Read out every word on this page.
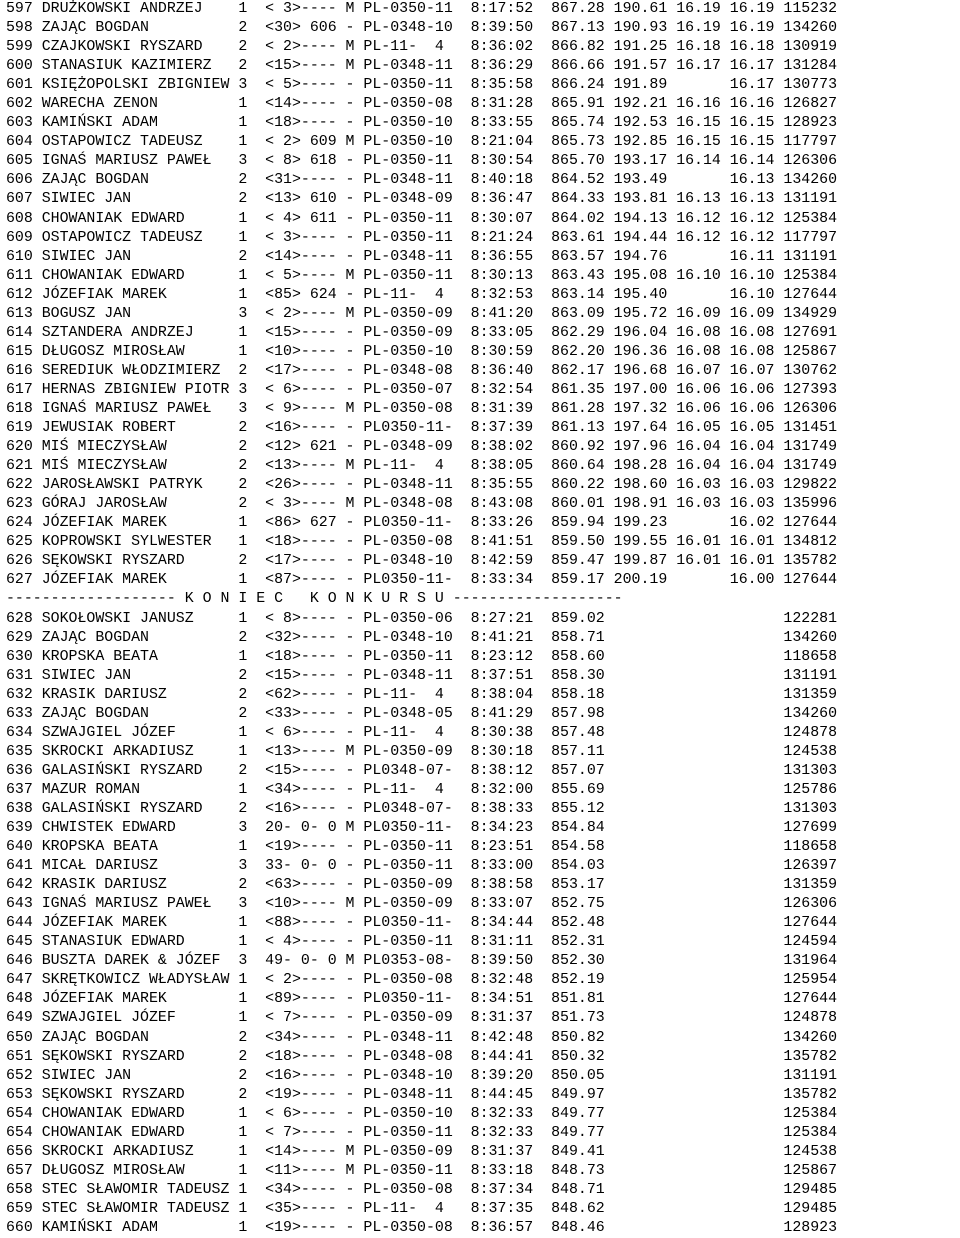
597 DRUŻKOWSKI ANDRZEJ    1  < 3>---- M PL-0350-11  8:17:52  867.28 190.61 16.19 16.19 115232
598 ZAJĄC BOGDAN          2  <30> 606 - PL-0348-10  8:39:50  867.13 190.93 16.19 16.19 134260
599 CZAJKOWSKI RYSZARD    2  < 2>---- M PL-11-  4   8:36:02  866.82 191.25 16.18 16.18 130919
600 STANASIUK KAZIMIERZ   2  <15>---- M PL-0348-11  8:36:29  866.66 191.57 16.17 16.17 131284
601 KSIĘŻOPOLSKI ZBIGNIEW 3  < 5>---- - PL-0350-11  8:35:58  866.24 191.89       16.17 130773
602 WARECHA ZENON         1  <14>---- - PL-0350-08  8:31:28  865.91 192.21 16.16 16.16 126827
603 KAMIŃSKI ADAM         1  <18>---- - PL-0350-10  8:33:55  865.74 192.53 16.15 16.15 128923
604 OSTAPOWICZ TADEUSZ    1  < 2> 609 M PL-0350-10  8:21:04  865.73 192.85 16.15 16.15 117797
605 IGNAŚ MARIUSZ PAWEŁ   3  < 8> 618 - PL-0350-11  8:30:54  865.70 193.17 16.14 16.14 126306
606 ZAJĄC BOGDAN          2  <31>---- - PL-0348-11  8:40:18  864.52 193.49       16.13 134260
607 SIWIEC JAN            2  <13> 610 - PL-0348-09  8:36:47  864.33 193.81 16.13 16.13 131191
608 CHOWANIAK EDWARD      1  < 4> 611 - PL-0350-11  8:30:07  864.02 194.13 16.12 16.12 125384
609 OSTAPOWICZ TADEUSZ    1  < 3>---- - PL-0350-11  8:21:24  863.61 194.44 16.12 16.12 117797
610 SIWIEC JAN            2  <14>---- - PL-0348-11  8:36:55  863.57 194.76       16.11 131191
611 CHOWANIAK EDWARD      1  < 5>---- M PL-0350-11  8:30:13  863.43 195.08 16.10 16.10 125384
612 JÓZEFIAK MAREK        1  <85> 624 - PL-11-  4   8:32:53  863.14 195.40       16.10 127644
613 BOGUSZ JAN            3  < 2>---- M PL-0350-09  8:41:20  863.09 195.72 16.09 16.09 134929
614 SZTANDERA ANDRZEJ     1  <15>---- - PL-0350-09  8:33:05  862.29 196.04 16.08 16.08 127691
615 DŁUGOSZ MIROSŁAW      1  <10>---- - PL-0350-10  8:30:59  862.20 196.36 16.08 16.08 125867
616 SEREDIUK WŁODZIMIERZ  2  <17>---- - PL-0348-08  8:36:40  862.17 196.68 16.07 16.07 130762
617 HERNAS ZBIGNIEW PIOTR 3  < 6>---- - PL-0350-07  8:32:54  861.35 197.00 16.06 16.06 127393
618 IGNAŚ MARIUSZ PAWEŁ   3  < 9>---- M PL-0350-08  8:31:39  861.28 197.32 16.06 16.06 126306
619 JEWUSIAK ROBERT       2  <16>---- - PL0350-11-  8:37:39  861.13 197.64 16.05 16.05 131451
620 MIŚ MIECZYSŁAW        2  <12> 621 - PL-0348-09  8:38:02  860.92 197.96 16.04 16.04 131749
621 MIŚ MIECZYSŁAW        2  <13>---- M PL-11-  4   8:38:05  860.64 198.28 16.04 16.04 131749
622 JAROSŁAWSKI PATRYK    2  <26>---- - PL-0348-11  8:35:55  860.22 198.60 16.03 16.03 129822
623 GÓRAJ JAROSŁAW        2  < 3>---- M PL-0348-08  8:43:08  860.01 198.91 16.03 16.03 135996
624 JÓZEFIAK MAREK        1  <86> 627 - PL0350-11-  8:33:26  859.94 199.23       16.02 127644
625 KOPROWSKI SYLWESTER   1  <18>---- - PL-0350-08  8:41:51  859.50 199.55 16.01 16.01 134812
626 SĘKOWSKI RYSZARD      2  <17>---- - PL-0348-10  8:42:59  859.47 199.87 16.01 16.01 135782
627 JÓZEFIAK MAREK        1  <87>---- - PL0350-11-  8:33:34  859.17 200.19       16.00 127644
------------------- K O N I E C   K O N K U R S U -------------------
628 SOKOŁOWSKI JANUSZ     1  < 8>---- - PL-0350-06  8:27:21  859.02                    122281
629 ZAJĄC BOGDAN          2  <32>---- - PL-0348-10  8:41:21  858.71                    134260
630 KROPSKA BEATA         1  <18>---- - PL-0350-11  8:23:12  858.60                    118658
631 SIWIEC JAN            2  <15>---- - PL-0348-11  8:37:51  858.30                    131191
632 KRASIK DARIUSZ        2  <62>---- - PL-11-  4   8:38:04  858.18                    131359
633 ZAJĄC BOGDAN          2  <33>---- - PL-0348-05  8:41:29  857.98                    134260
634 SZWAJGIEL JÓZEF       1  < 6>---- - PL-11-  4   8:30:38  857.48                    124878
635 SKROCKI ARKADIUSZ     1  <13>---- M PL-0350-09  8:30:18  857.11                    124538
636 GALASIŃSKI RYSZARD    2  <15>---- - PL0348-07-  8:38:12  857.07                    131303
637 MAZUR ROMAN           1  <34>---- - PL-11-  4   8:32:00  855.69                    125786
638 GALASIŃSKI RYSZARD    2  <16>---- - PL0348-07-  8:38:33  855.12                    131303
639 CHWISTEK EDWARD       3  20- 0- 0 M PL0350-11-  8:34:23  854.84                    127699
640 KROPSKA BEATA         1  <19>---- - PL-0350-11  8:23:51  854.58                    118658
641 MICAŁ DARIUSZ         3  33- 0- 0 - PL-0350-11  8:33:00  854.03                    126397
642 KRASIK DARIUSZ        2  <63>---- - PL-0350-09  8:38:58  853.17                    131359
643 IGNAŚ MARIUSZ PAWEŁ   3  <10>---- M PL-0350-09  8:33:07  852.75                    126306
644 JÓZEFIAK MAREK        1  <88>---- - PL0350-11-  8:34:44  852.48                    127644
645 STANASIUK EDWARD      1  < 4>---- - PL-0350-11  8:31:11  852.31                    124594
646 BUSZTA DAREK & JÓZEF  3  49- 0- 0 M PL0353-08-  8:39:50  852.30                    131964
647 SKRĘTKOWICZ WŁADYSŁAW 1  < 2>---- - PL-0350-08  8:32:48  852.19                    125954
648 JÓZEFIAK MAREK        1  <89>---- - PL0350-11-  8:34:51  851.81                    127644
649 SZWAJGIEL JÓZEF       1  < 7>---- - PL-0350-09  8:31:37  851.73                    124878
650 ZAJĄC BOGDAN          2  <34>---- - PL-0348-11  8:42:48  850.82                    134260
651 SĘKOWSKI RYSZARD      2  <18>---- - PL-0348-08  8:44:41  850.32                    135782
652 SIWIEC JAN            2  <16>---- - PL-0348-10  8:39:20  850.05                    131191
653 SĘKOWSKI RYSZARD      2  <19>---- - PL-0348-11  8:44:45  849.97                    135782
654 CHOWANIAK EDWARD      1  < 6>---- - PL-0350-10  8:32:33  849.77                    125384
654 CHOWANIAK EDWARD      1  < 7>---- - PL-0350-11  8:32:33  849.77                    125384
656 SKROCKI ARKADIUSZ     1  <14>---- M PL-0350-09  8:31:37  849.41                    124538
657 DŁUGOSZ MIROSŁAW      1  <11>---- M PL-0350-11  8:33:18  848.73                    125867
658 STEC SŁAWOMIR TADEUSZ 1  <34>---- - PL-0350-08  8:37:34  848.71                    129485
659 STEC SŁAWOMIR TADEUSZ 1  <35>---- - PL-11-  4   8:37:35  848.62                    129485
660 KAMIŃSKI ADAM         1  <19>---- - PL-0350-08  8:36:57  848.46                    128923
